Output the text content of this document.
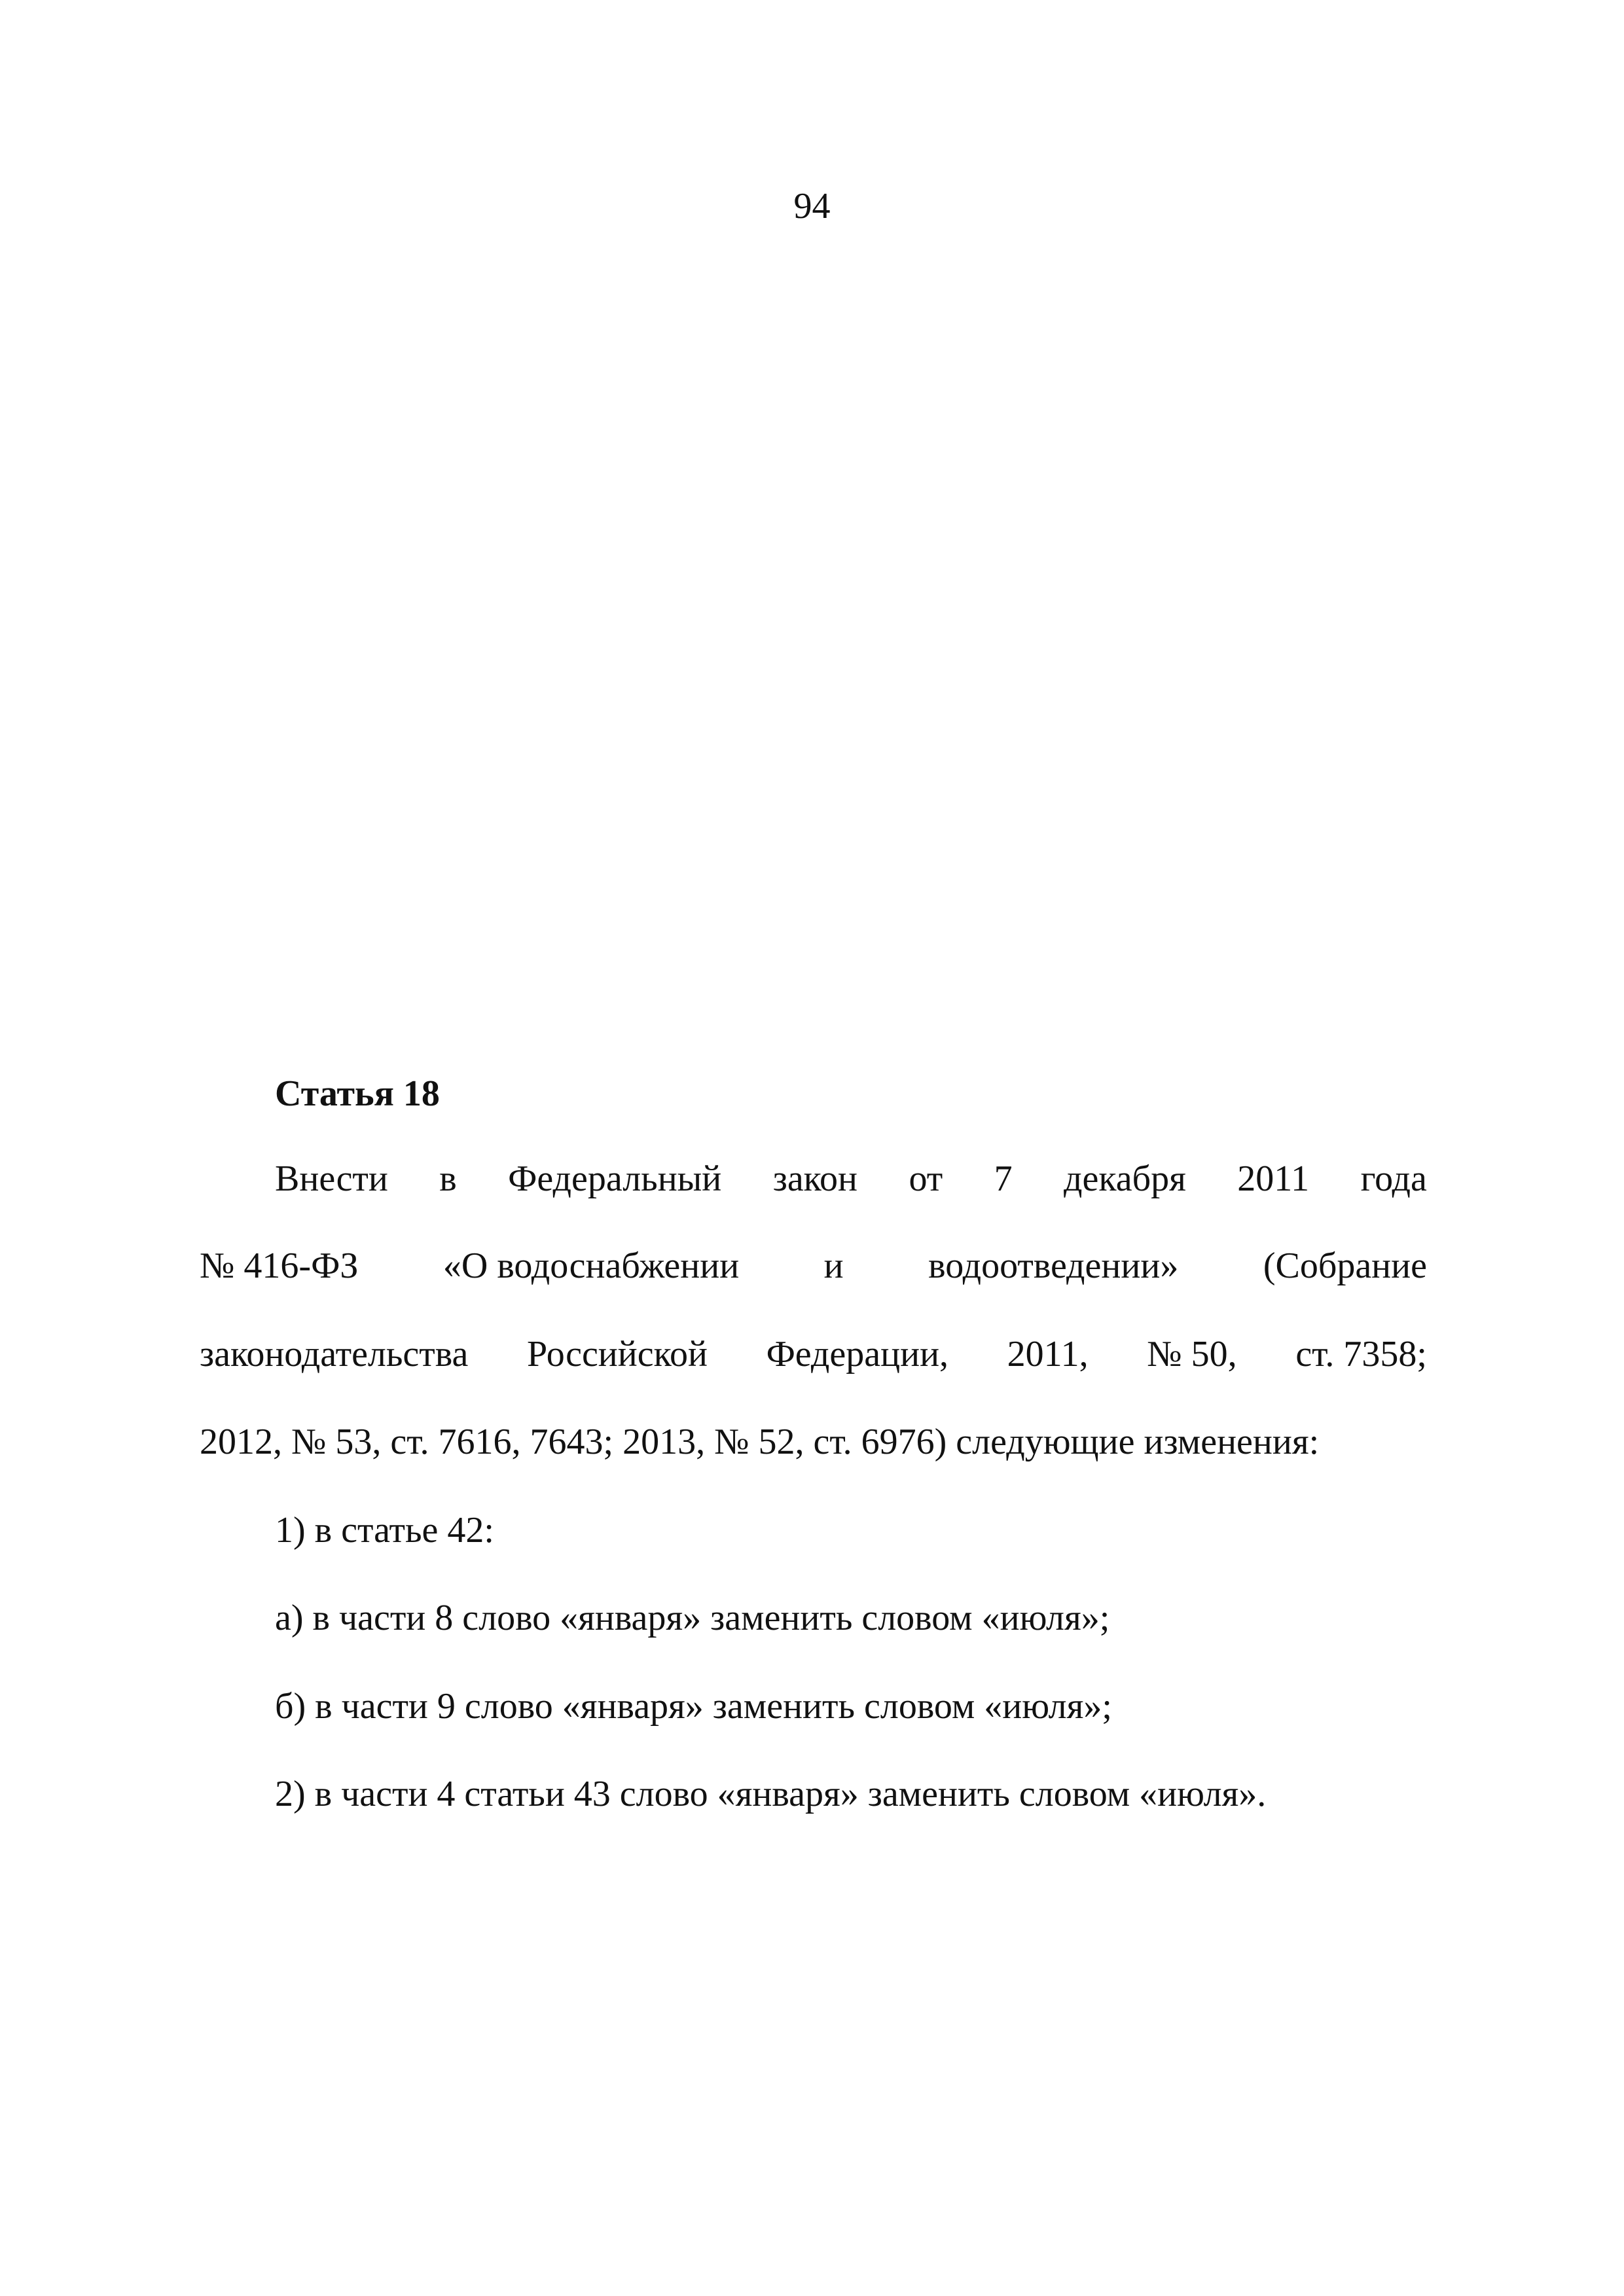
94
Статья 18
Внести в Федеральный закон от 7 декабря 2011 года
№ 416-ФЗ «О водоснабжении и водоотведении» (Собрание
законодательства Российской Федерации, 2011, № 50, ст. 7358;
2012, № 53, ст. 7616, 7643; 2013, № 52, ст. 6976) следующие изменения:
1) в статье 42:
а) в части 8 слово «января» заменить словом «июля»;
б) в части 9 слово «января» заменить словом «июля»;
2) в части 4 статьи 43 слово «января» заменить словом «июля».
